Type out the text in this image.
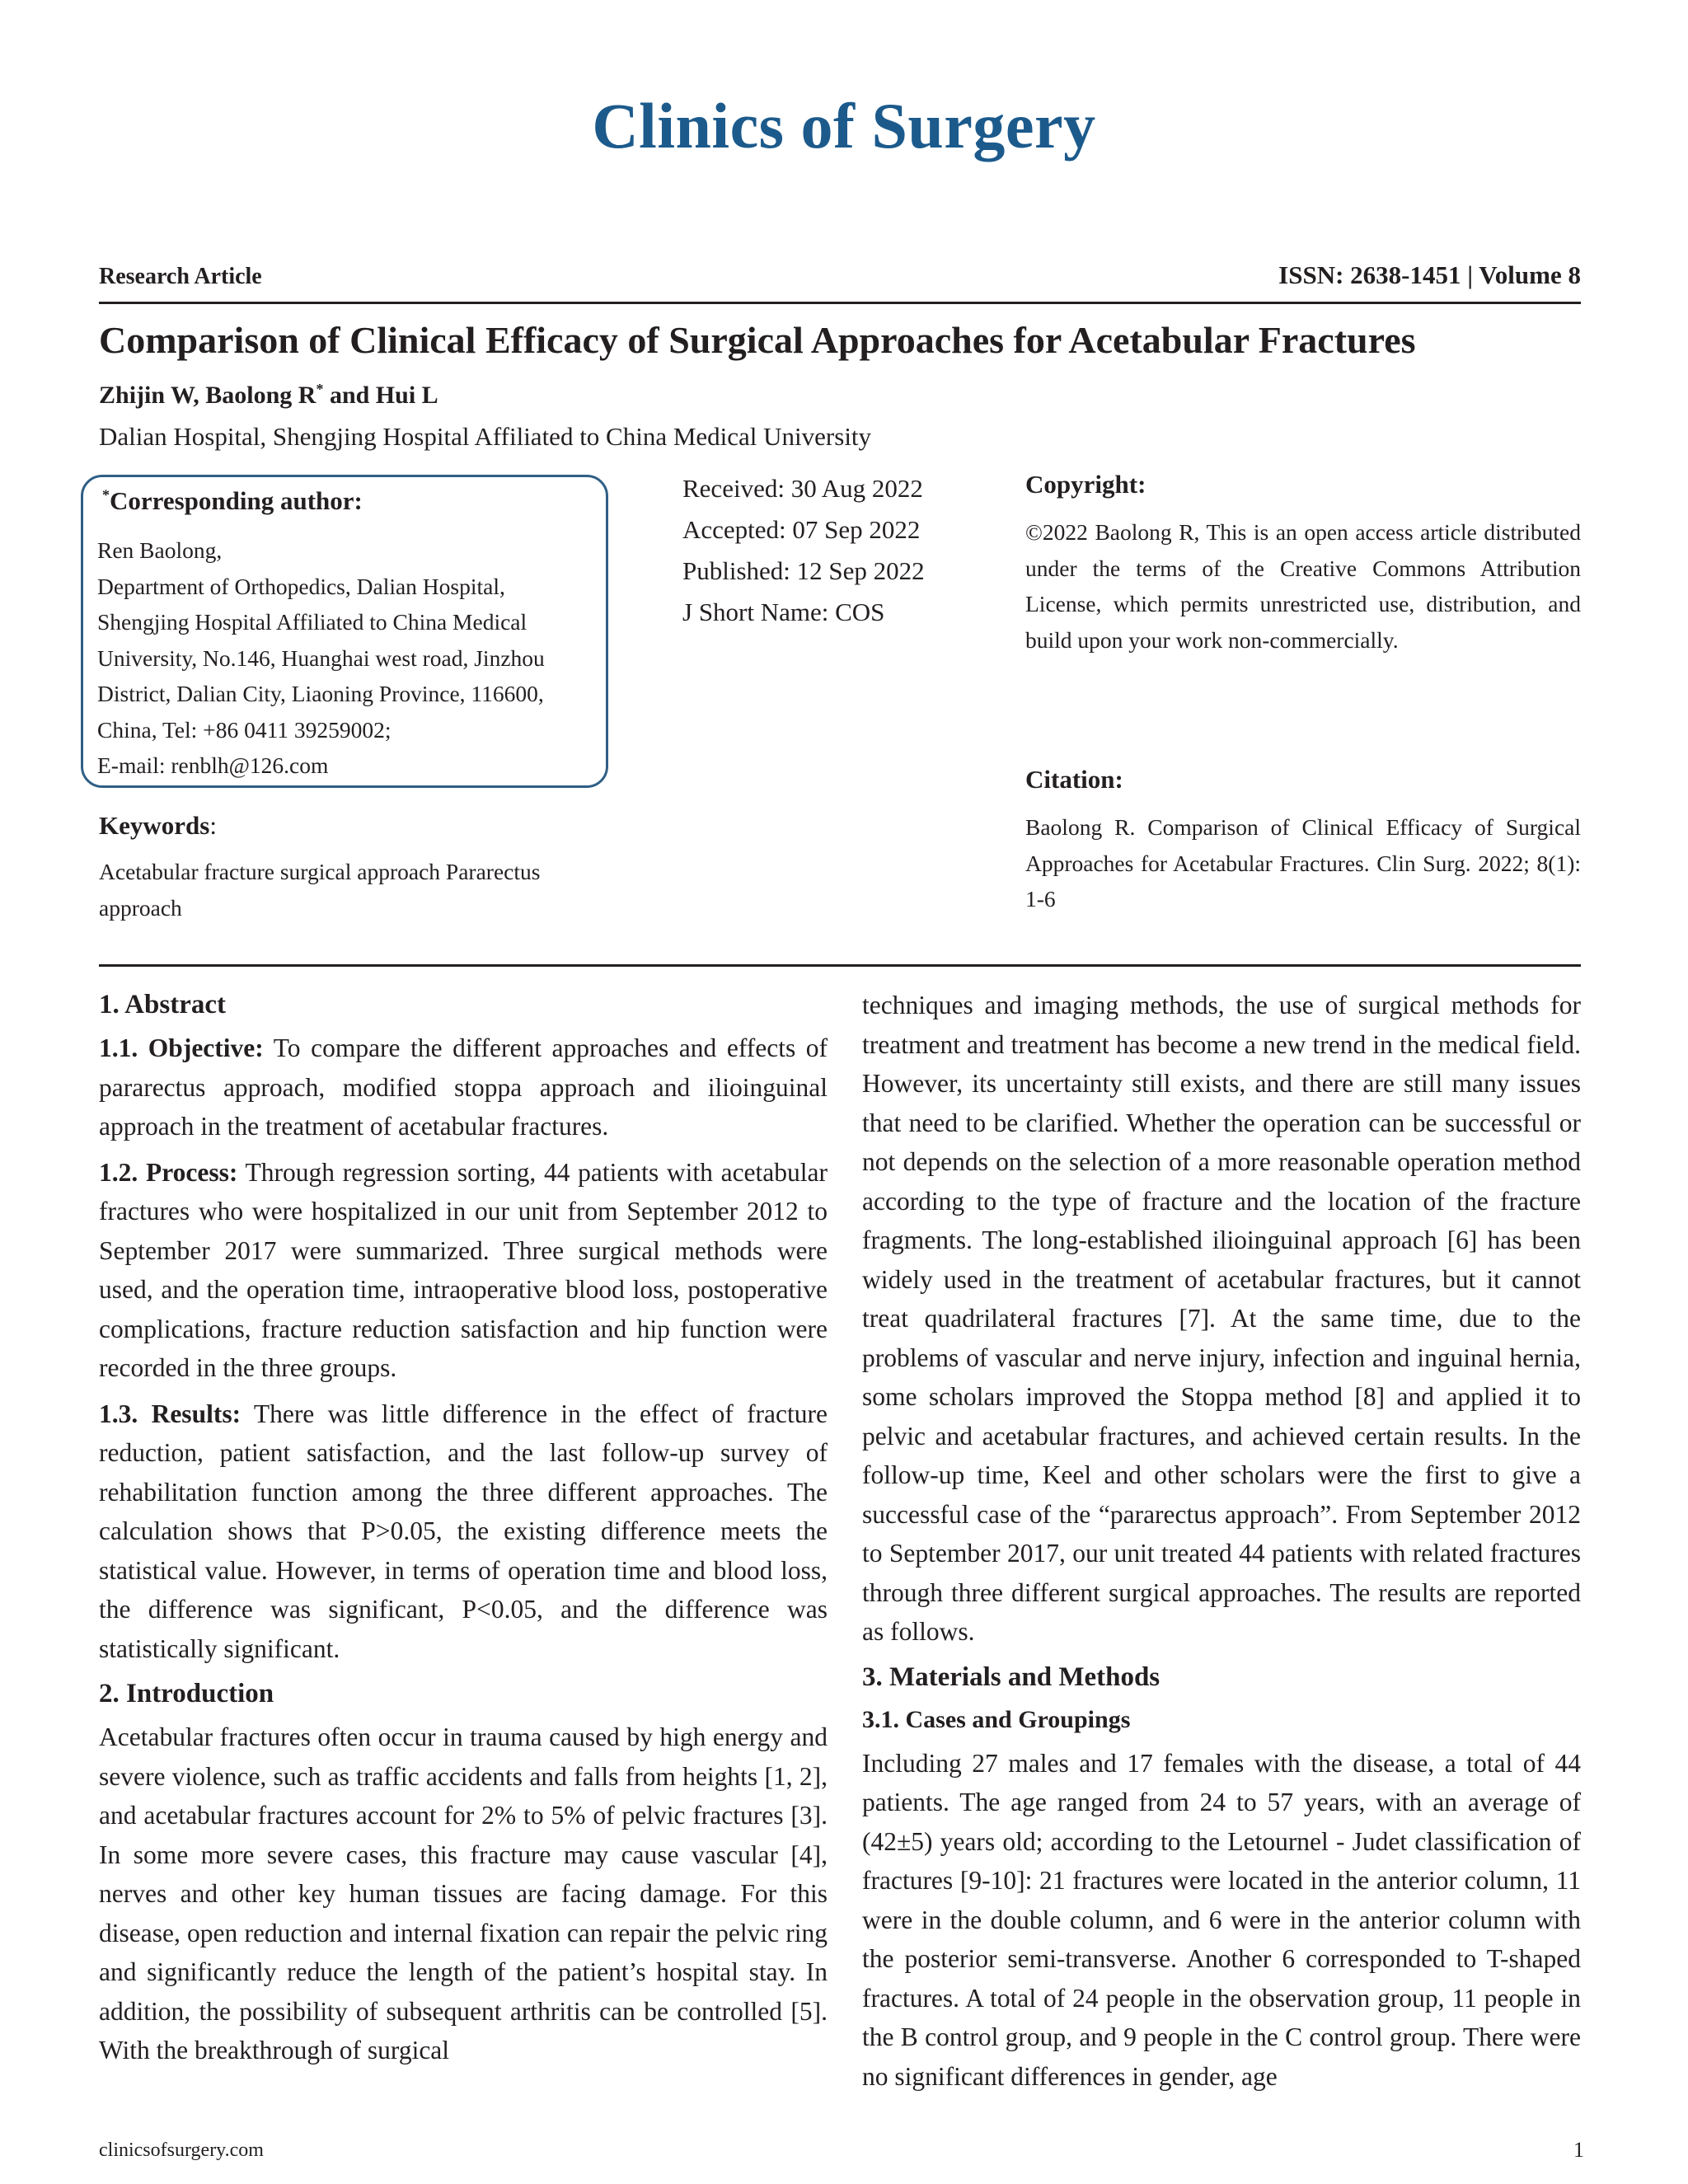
Clinics of Surgery
Research Article	ISSN: 2638-1451 | Volume 8
Comparison of Clinical Efficacy of Surgical Approaches for Acetabular Fractures
Zhijin W, Baolong R* and Hui L
Dalian Hospital, Shengjing Hospital Affiliated to China Medical University
*Corresponding author:
Ren Baolong,
Department of Orthopedics, Dalian Hospital,
Shengjing Hospital Affiliated to China Medical
University, No.146, Huanghai west road, Jinzhou
District, Dalian City, Liaoning Province, 116600,
China, Tel: +86 0411 39259002;
E-mail: renblh@126.com
Received: 30 Aug 2022
Accepted: 07 Sep 2022
Published: 12 Sep 2022
J Short Name: COS
Copyright:
©2022 Baolong R, This is an open access article distributed under the terms of the Creative Commons Attribution License, which permits unrestricted use, distribution, and build upon your work non-commercially.
Citation:
Baolong R. Comparison of Clinical Efficacy of Surgical Approaches for Acetabular Fractures. Clin Surg. 2022; 8(1): 1-6
Keywords:
Acetabular fracture surgical approach Pararectus approach
1. Abstract

1.1. Objective: To compare the different approaches and effects of pararectus approach, modified stoppa approach and ilioinguinal approach in the treatment of acetabular fractures.

1.2. Process: Through regression sorting, 44 patients with acetabular fractures who were hospitalized in our unit from September 2012 to September 2017 were summarized. Three surgical methods were used, and the operation time, intraoperative blood loss, postoperative complications, fracture reduction satisfaction and hip function were recorded in the three groups.

1.3. Results: There was little difference in the effect of fracture reduction, patient satisfaction, and the last follow-up survey of rehabilitation function among the three different approaches. The calculation shows that P>0.05, the existing difference meets the statistical value. However, in terms of operation time and blood loss, the difference was significant, P<0.05, and the difference was statistically significant.

2. Introduction

Acetabular fractures often occur in trauma caused by high energy and severe violence, such as traffic accidents and falls from heights [1, 2], and acetabular fractures account for 2% to 5% of pelvic fractures [3]. In some more severe cases, this fracture may cause vascular [4], nerves and other key human tissues are facing damage. For this disease, open reduction and internal fixation can repair the pelvic ring and significantly reduce the length of the patient’s hospital stay. In addition, the possibility of subsequent arthritis can be controlled [5]. With the breakthrough of surgical

techniques and imaging methods, the use of surgical methods for treatment and treatment has become a new trend in the medical field. However, its uncertainty still exists, and there are still many issues that need to be clarified. Whether the operation can be successful or not depends on the selection of a more reasonable operation method according to the type of fracture and the location of the fracture fragments. The long-established ilioinguinal approach [6] has been widely used in the treatment of acetabular fractures, but it cannot treat quadrilateral fractures [7]. At the same time, due to the problems of vascular and nerve injury, infection and inguinal hernia, some scholars improved the Stoppa method [8] and applied it to pelvic and acetabular fractures, and achieved certain results. In the follow-up time, Keel and other scholars were the first to give a successful case of the “pararectus approach”. From September 2012 to September 2017, our unit treated 44 patients with related fractures through three different surgical approaches. The results are reported as follows.

3. Materials and Methods
3.1. Cases and Groupings

Including 27 males and 17 females with the disease, a total of 44 patients. The age ranged from 24 to 57 years, with an average of (42±5) years old; according to the Letournel - Judet classification of fractures [9-10]: 21 fractures were located in the anterior column, 11 were in the double column, and 6 were in the anterior column with the posterior semi-transverse. Another 6 corresponded to T-shaped fractures. A total of 24 people in the observation group, 11 people in the B control group, and 9 people in the C control group. There were no significant differences in gender, age

clinicsofsurgery.com	1
